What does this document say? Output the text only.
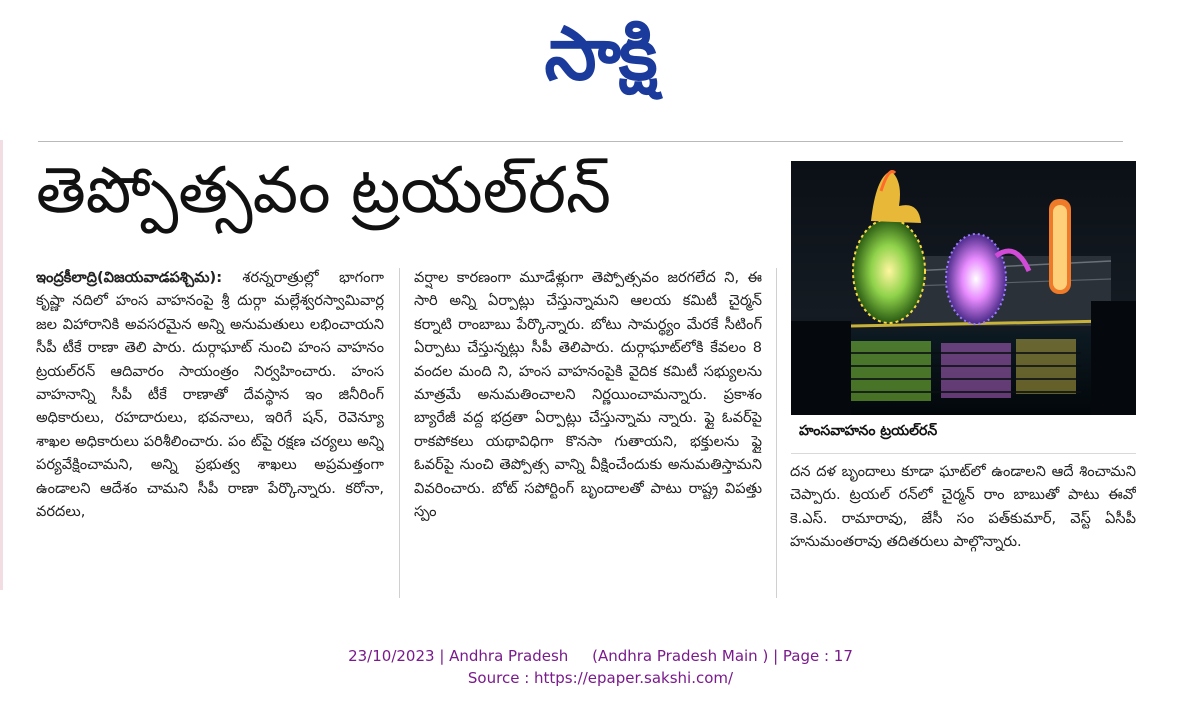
సాక్షి
తెప్పోత్సవం ట్రయల్‌రన్‌

ఇంద్రకీలాద్రి(విజయవాడపశ్చిమ): శరన్నరాత్రుల్లో భాగంగా కృష్ణా నదిలో హంస వాహనంపై శ్రీ దుర్గా మల్లేశ్వరస్వామివార్ల జల విహారానికి అవసరమైన అన్ని అనుమతులు లభించాయని సీపీ టీకే రాణా తెలి పారు. దుర్గాఘాట్‌ నుంచి హంస వాహనం ట్రయల్‌రన్‌ ఆదివారం సాయంత్రం నిర్వహించారు. హంస వాహనాన్ని సీపీ టీకే రాణాతో దేవస్థాన ఇం జినీరింగ్‌ అధికారులు, రహదారులు, భవనాలు, ఇరిగే షన్‌, రెవెన్యూ శాఖల అధికారులు పరిశీలించారు. పం ట్‌పై రక్షణ చర్యలు అన్ని పర్యవేక్షించామని, అన్ని ప్రభుత్వ శాఖలు అప్రమత్తంగా ఉండాలని ఆదేశం చామని సీపీ రాణా పేర్కొన్నారు. కరోనా, వరదలు,

వర్షాల కారణంగా మూడేళ్లుగా తెప్పోత్సవం జరగలేద ని, ఈ సారి అన్ని ఏర్పాట్లు చేస్తున్నామని ఆలయ కమిటీ చైర్మన్‌ కర్నాటి రాంబాబు పేర్కొన్నారు. బోటు సామర్థ్యం మేరకే సీటింగ్‌ ఏర్పాటు చేస్తున్నట్లు సీపీ తెలిపారు. దుర్గాఘాట్‌లోకి కేవలం 8 వందల మంది ని, హంస వాహనంపైకి వైదిక కమిటీ సభ్యులను మాత్రమే అనుమతించాలని నిర్ణయించామన్నారు. ప్రకాశం బ్యారేజీ వద్ద భద్రతా ఏర్పాట్లు చేస్తున్నామ న్నారు. ఫ్లై ఓవర్‌పై రాకపోకలు యథావిధిగా కొనసా గుతాయని, భక్తులను ఫ్లై ఓవర్‌పై నుంచి తెప్పోత్స వాన్ని వీక్షించేందుకు అనుమతిస్తామని వివరించారు. బోట్‌ సపోర్టింగ్‌ బృందాలతో పాటు రాష్ట్ర విపత్తు స్పం

హంసవాహనం ట్రయల్‌రన్‌

దన దళ బృందాలు కూడా ఘాట్‌లో ఉండాలని ఆదే శించామని చెప్పారు. ట్రయల్‌ రన్‌లో చైర్మన్‌ రాం బాబుతో పాటు ఈవో కె.ఎస్‌. రామారావు, జేసీ సం పత్‌కుమార్‌, వెస్ట్‌ ఏసీపీ హనుమంతరావు తదితరులు పాల్గొన్నారు.

23/10/2023 | Andhra Pradesh     (Andhra Pradesh Main ) | Page : 17
Source : https://epaper.sakshi.com/
